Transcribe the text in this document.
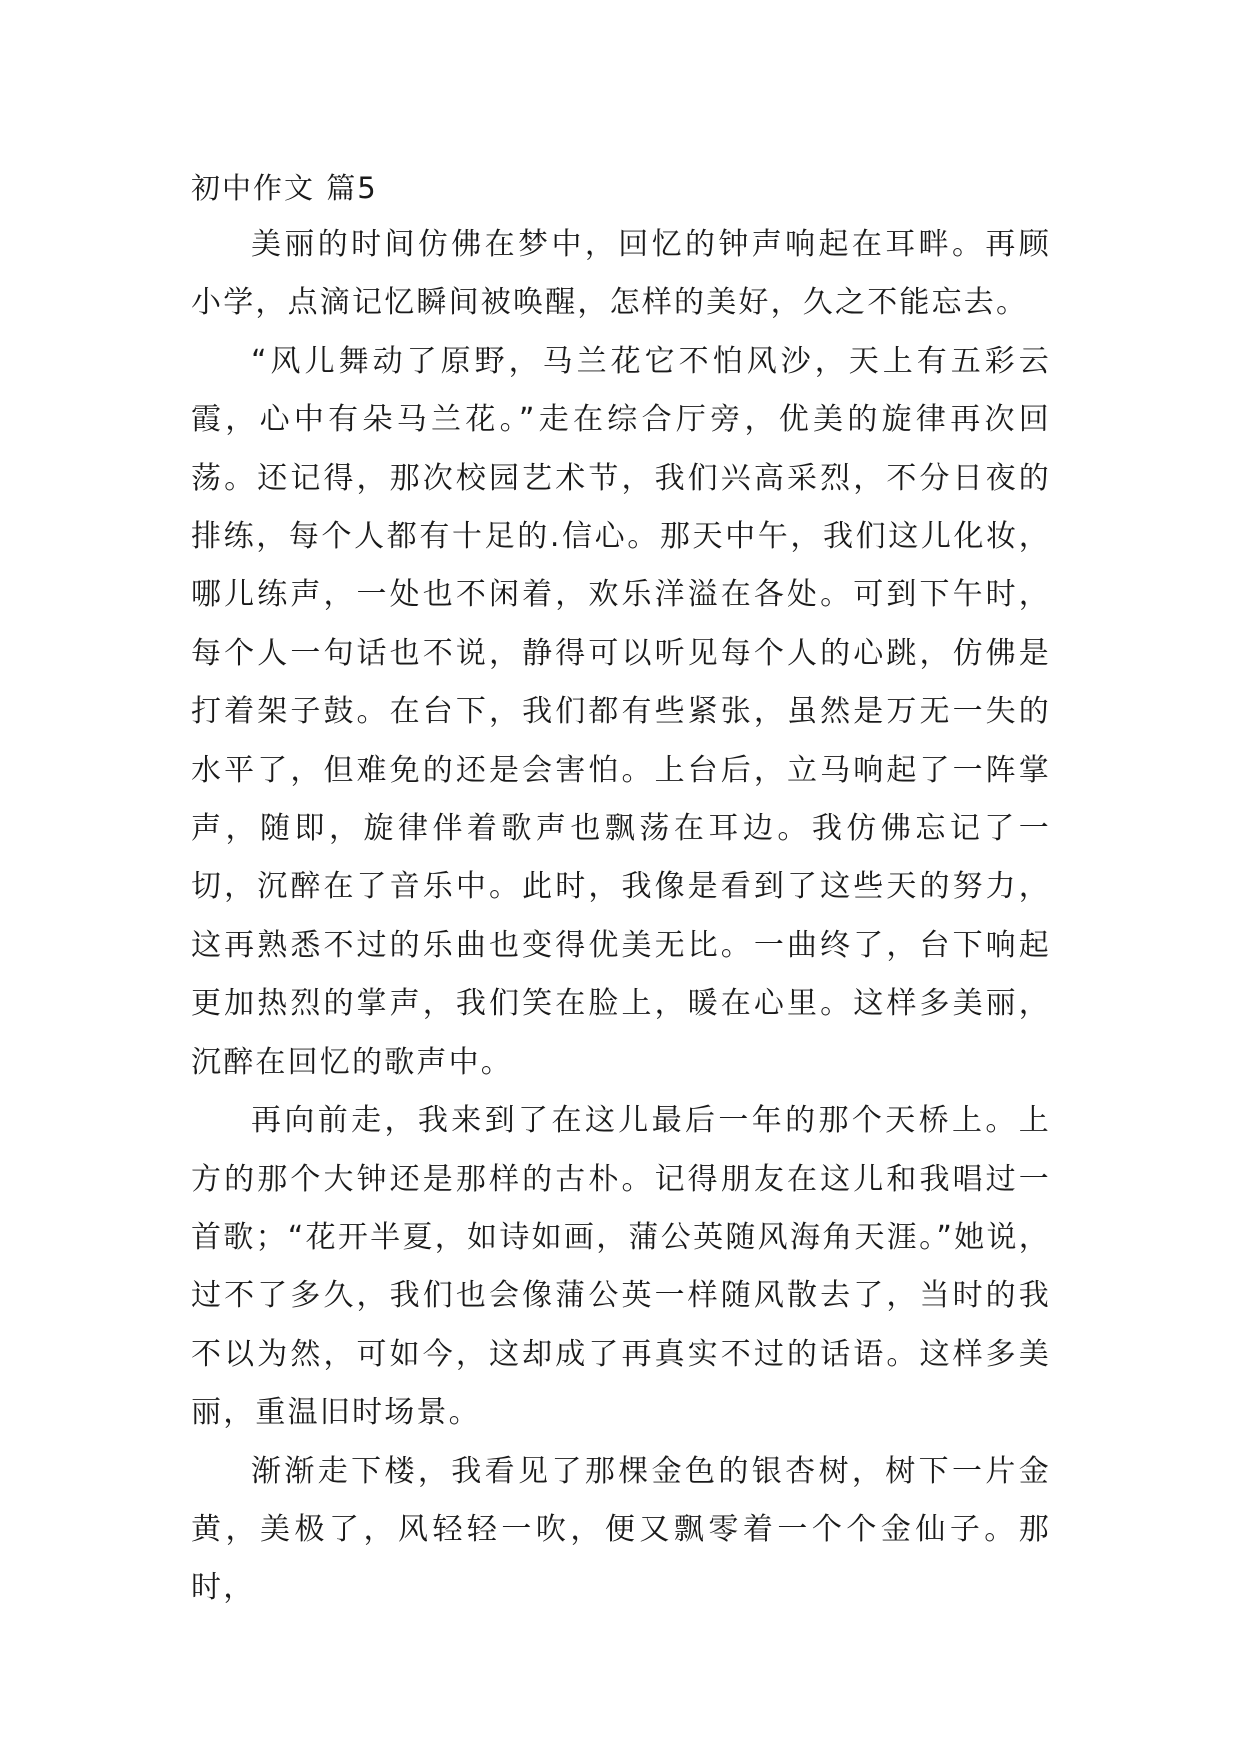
初中作文 篇5

美丽的时间仿佛在梦中，回忆的钟声响起在耳畔。再顾小学，点滴记忆瞬间被唤醒，怎样的美好，久之不能忘去。

“风儿舞动了原野，马兰花它不怕风沙，天上有五彩云霞，心中有朵马兰花。”走在综合厅旁，优美的旋律再次回荡。还记得，那次校园艺术节，我们兴高采烈，不分日夜的排练，每个人都有十足的.信心。那天中午，我们这儿化妆，哪儿练声，一处也不闲着，欢乐洋溢在各处。可到下午时，每个人一句话也不说，静得可以听见每个人的心跳，仿佛是打着架子鼓。在台下，我们都有些紧张，虽然是万无一失的水平了，但难免的还是会害怕。上台后，立马响起了一阵掌声，随即，旋律伴着歌声也飘荡在耳边。我仿佛忘记了一切，沉醉在了音乐中。此时，我像是看到了这些天的努力，这再熟悉不过的乐曲也变得优美无比。一曲终了，台下响起更加热烈的掌声，我们笑在脸上，暖在心里。这样多美丽，沉醉在回忆的歌声中。

再向前走，我来到了在这儿最后一年的那个天桥上。上方的那个大钟还是那样的古朴。记得朋友在这儿和我唱过一首歌；“花开半夏，如诗如画，蒲公英随风海角天涯。”她说，过不了多久，我们也会像蒲公英一样随风散去了，当时的我不以为然，可如今，这却成了再真实不过的话语。这样多美丽，重温旧时场景。

渐渐走下楼，我看见了那棵金色的银杏树，树下一片金黄，美极了，风轻轻一吹，便又飘零着一个个金仙子。那时，
